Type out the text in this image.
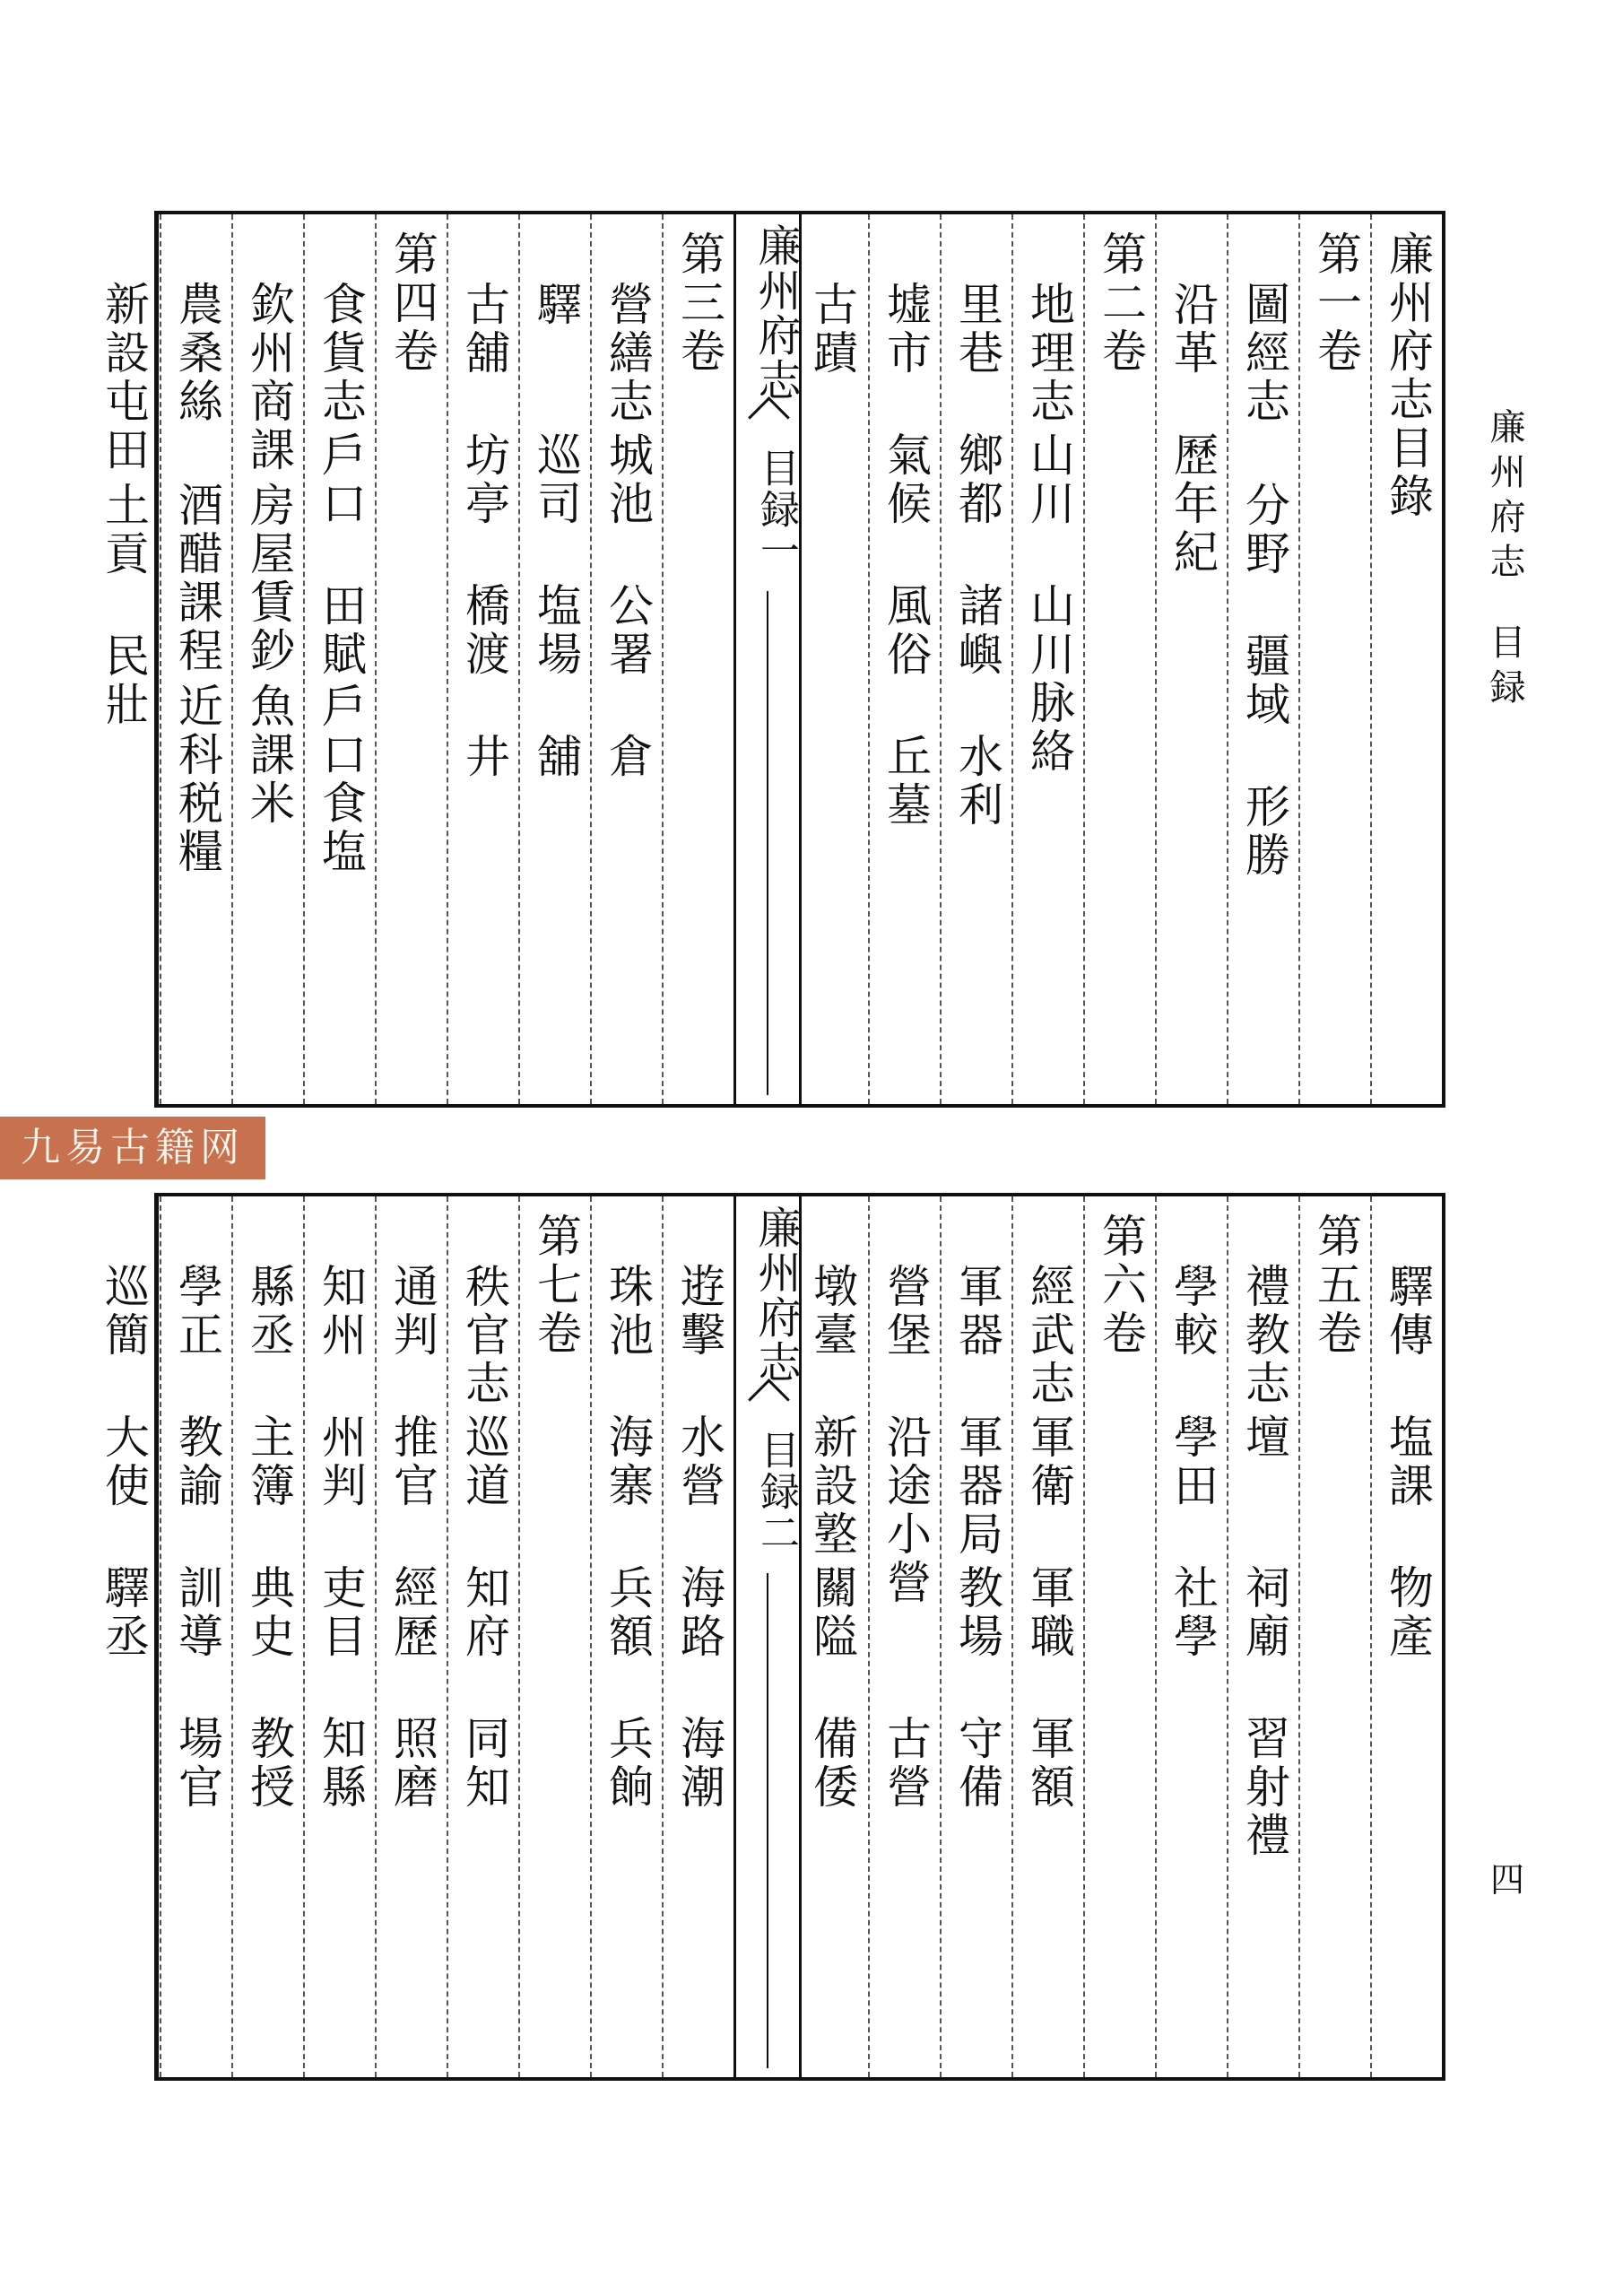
廉州府志目録
四
九易古籍网
廉州府志目錄
第一卷
圖經志
分野
疆域
形勝
沿革
歷年紀
第二卷
地理志
山川
山川脉絡
里巷
鄉都
諸嶼
水利
墟市
氣候
風俗
丘墓
古蹟
廉州府志
目録一
第三卷
營繕志
城池
公署
倉
驛
巡司
塩場
舖
古舖
坊亭
橋渡
井
第四卷
食貨志
戶口
田賦
戶口食塩
欽州商課
房屋賃鈔
魚課米
農桑絲
酒醋課程
近科税糧
新設屯田
土貢
民壯
驛傳
塩課
物產
第五卷
禮教志
壇
祠廟
習射禮
學較
學田
社學
第六卷
經武志
軍衛
軍職
軍額
軍器
軍器局
教場
守備
營堡
沿途小營
古營
墩臺
新設墪
關隘
備倭
廉州府志
目録二
逰擊
水營
海路
海潮
珠池
海寨
兵額
兵餉
第七卷
秩官志
巡道
知府
同知
通判
推官
經歷
照磨
知州
州判
吏目
知縣
縣丞
主簿
典史
教授
學正
教諭
訓導
場官
巡簡
大使
驛丞
